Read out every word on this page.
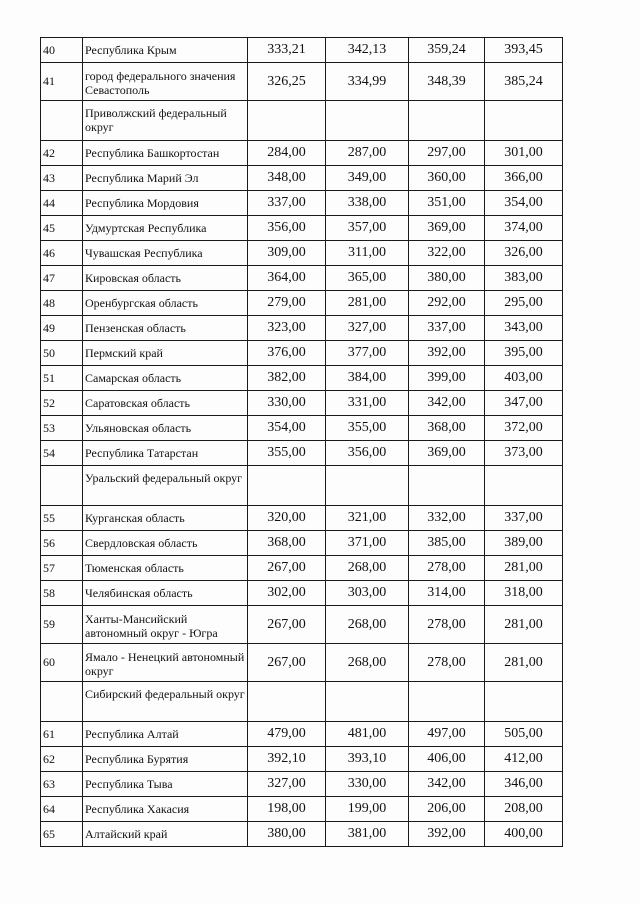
40	Республика Крым	333,21	342,13	359,24	393,45
41	город федерального значения Севастополь	326,25	334,99	348,39	385,24
	Приволжский федеральный округ				
42	Республика Башкортостан	284,00	287,00	297,00	301,00
43	Республика Марий Эл	348,00	349,00	360,00	366,00
44	Республика Мордовия	337,00	338,00	351,00	354,00
45	Удмуртская Республика	356,00	357,00	369,00	374,00
46	Чувашская Республика	309,00	311,00	322,00	326,00
47	Кировская область	364,00	365,00	380,00	383,00
48	Оренбургская область	279,00	281,00	292,00	295,00
49	Пензенская область	323,00	327,00	337,00	343,00
50	Пермский край	376,00	377,00	392,00	395,00
51	Самарская область	382,00	384,00	399,00	403,00
52	Саратовская область	330,00	331,00	342,00	347,00
53	Ульяновская область	354,00	355,00	368,00	372,00
54	Республика Татарстан	355,00	356,00	369,00	373,00
	Уральский федеральный округ				
55	Курганская область	320,00	321,00	332,00	337,00
56	Свердловская область	368,00	371,00	385,00	389,00
57	Тюменская область	267,00	268,00	278,00	281,00
58	Челябинская область	302,00	303,00	314,00	318,00
59	Ханты-Мансийский автономный округ - Югра	267,00	268,00	278,00	281,00
60	Ямало - Ненецкий автономный округ	267,00	268,00	278,00	281,00
	Сибирский федеральный округ				
61	Республика Алтай	479,00	481,00	497,00	505,00
62	Республика Бурятия	392,10	393,10	406,00	412,00
63	Республика Тыва	327,00	330,00	342,00	346,00
64	Республика Хакасия	198,00	199,00	206,00	208,00
65	Алтайский край	380,00	381,00	392,00	400,00
